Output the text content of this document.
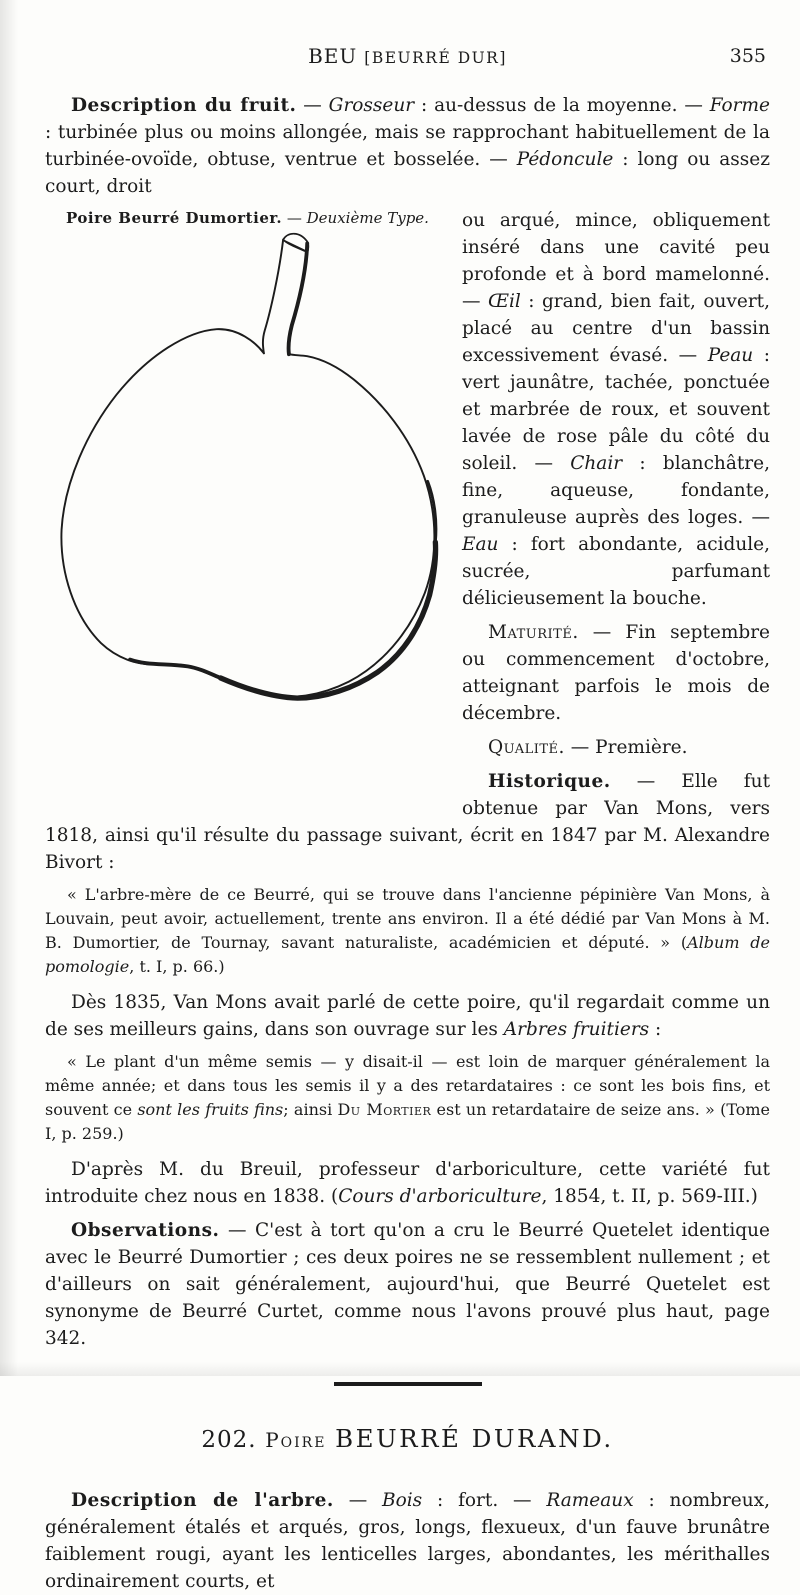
BEU [BEURRÉ DUR]	355

Description du fruit. — Grosseur : au-dessus de la moyenne. — Forme : turbinée plus ou moins allongée, mais se rapprochant habituellement de la turbinée-ovoïde, obtuse, ventrue et bosselée. — Pédoncule : long ou assez court, droit

Poire Beurré Dumortier. — Deuxième Type.	ou arqué, mince, obliquement inséré dans une cavité peu profonde et à bord mamelonné. — Œil : grand, bien fait, ouvert, placé au centre d'un bassin excessivement évasé. — Peau : vert jaunâtre, tachée, ponctuée et marbrée de roux, et souvent lavée de rose pâle du côté du soleil. — Chair : blanchâtre, fine, aqueuse, fondante, granuleuse auprès des loges. — Eau : fort abondante, acidule, sucrée, parfumant délicieusement la bouche.

Maturité. — Fin septembre ou commencement d'octobre, atteignant parfois le mois de décembre.

Qualité. — Première.

Historique. — Elle fut obtenue par Van Mons, vers 1818, ainsi qu'il résulte du passage suivant, écrit en 1847 par M. Alexandre Bivort :

« L'arbre-mère de ce Beurré, qui se trouve dans l'ancienne pépinière Van Mons, à Louvain, peut avoir, actuellement, trente ans environ. Il a été dédié par Van Mons à M. B. Dumortier, de Tournay, savant naturaliste, académicien et député. » (Album de pomologie, t. I, p. 66.)

Dès 1835, Van Mons avait parlé de cette poire, qu'il regardait comme un de ses meilleurs gains, dans son ouvrage sur les Arbres fruitiers :

« Le plant d'un même semis — y disait-il — est loin de marquer généralement la même année; et dans tous les semis il y a des retardataires : ce sont les bois fins, et souvent ce sont les fruits fins; ainsi Du Mortier est un retardataire de seize ans. » (Tome I, p. 259.)

D'après M. du Breuil, professeur d'arboriculture, cette variété fut introduite chez nous en 1838. (Cours d'arboriculture, 1854, t. II, p. 569-III.)

Observations. — C'est à tort qu'on a cru le Beurré Quetelet identique avec le Beurré Dumortier ; ces deux poires ne se ressemblent nullement ; et d'ailleurs on sait généralement, aujourd'hui, que Beurré Quetelet est synonyme de Beurré Curtet, comme nous l'avons prouvé plus haut, page 342.

202. Poire BEURRÉ DURAND.

Description de l'arbre. — Bois : fort. — Rameaux : nombreux, généralement étalés et arqués, gros, longs, flexueux, d'un fauve brunâtre faiblement rougi, ayant les lenticelles larges, abondantes, les mérithalles ordinairement courts, et
